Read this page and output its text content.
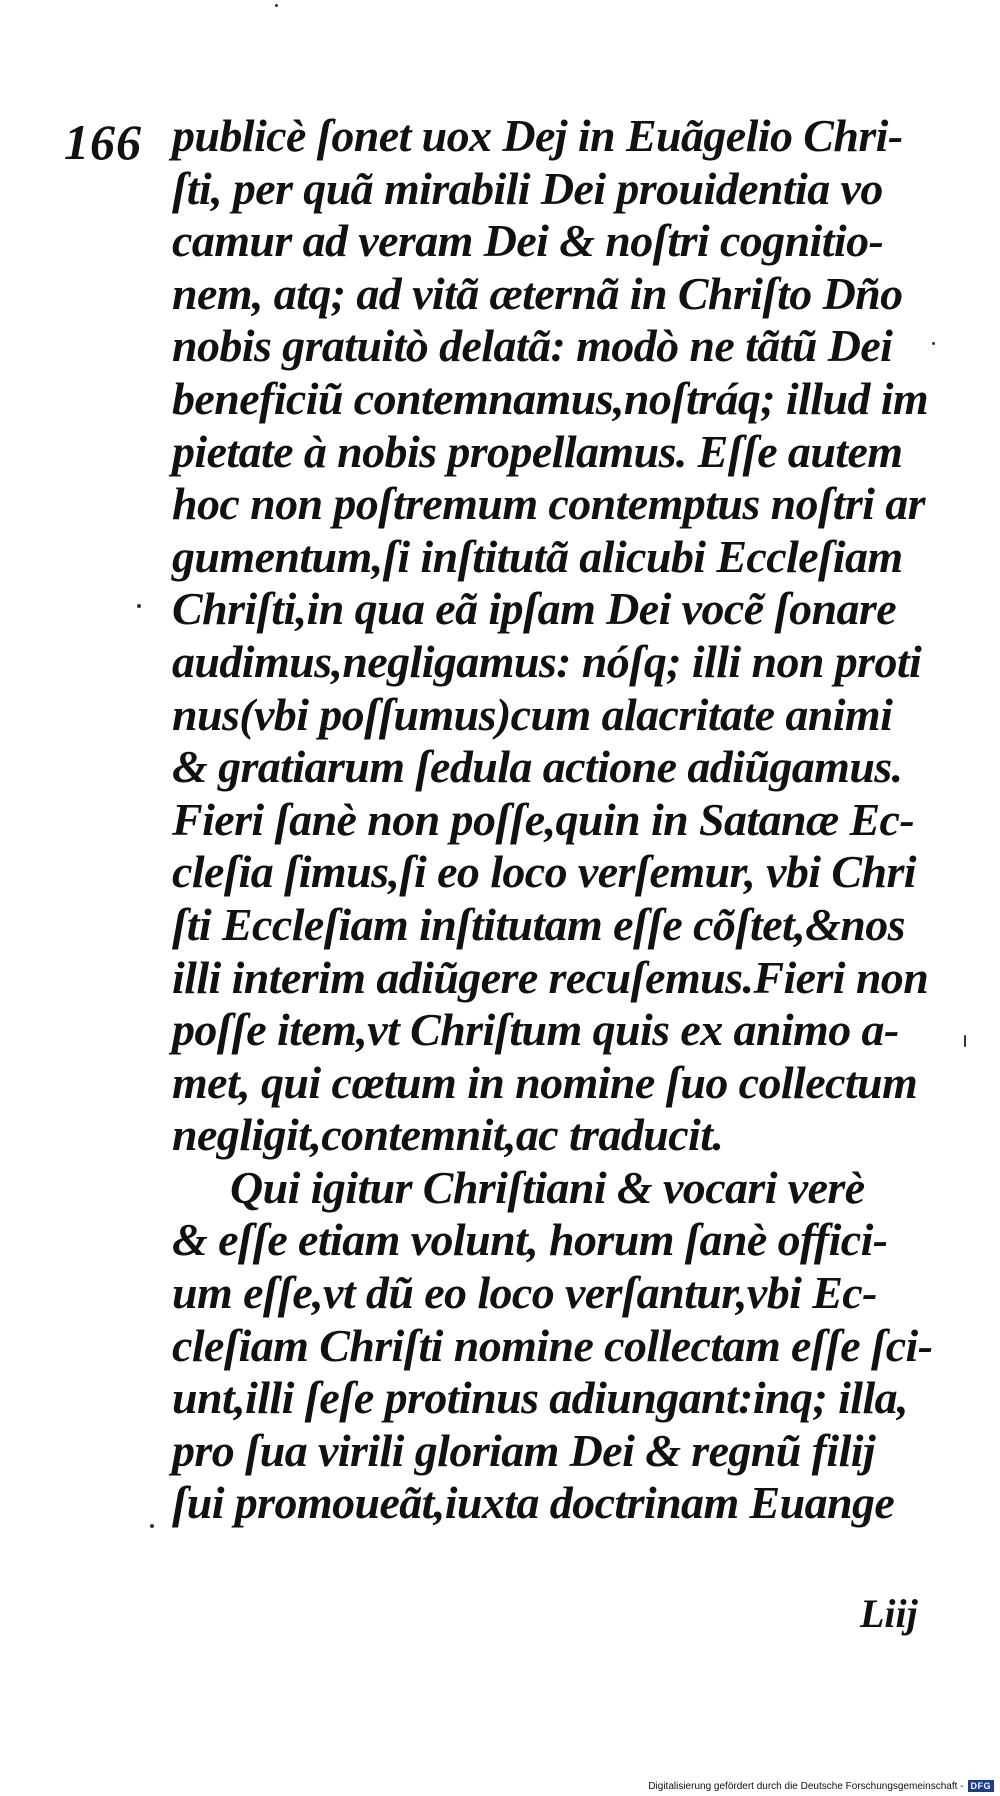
166 publicè ſonet uox Dej in Euãgelio Chri-
ſti, per quã mirabili Dei prouidentia vo
camur ad veram Dei & noſtri cognitio-
nem, atq; ad vitã æternã in Chriſto Dño
nobis gratuitò delatã: modò ne tãtũ Dei
beneficiũ contemnamus,noſtráq; illud im
pietate à nobis propellamus. Eſſe autem
hoc non poſtremum contemptus noſtri ar
gumentum,ſi inſtitutã alicubi Eccleſiam
Chriſti,in qua eã ipſam Dei vocẽ ſonare
audimus,negligamus: nóſq; illi non proti
nus(vbi poſſumus)cum alacritate animi
& gratiarum ſedula actione adiũgamus.
Fieri ſanè non poſſe,quin in Satanæ Ec-
cleſia ſimus,ſi eo loco verſemur, vbi Chri
ſti Eccleſiam inſtitutam eſſe cõſtet,&nos
illi interim adiũgere recuſemus.Fieri non
poſſe item,vt Chriſtum quis ex animo a-
met, qui cœtum in nomine ſuo collectum
negligit,contemnit,ac traducit.
Qui igitur Chriſtiani & vocari verè
& eſſe etiam volunt, horum ſanè offici-
um eſſe,vt dũ eo loco verſantur,vbi Ec-
cleſiam Chriſti nomine collectam eſſe ſci-
unt,illi ſeſe protinus adiungant:inq; illa,
pro ſua virili gloriam Dei & regnũ filij
ſui promoueãt,iuxta doctrinam Euange
Liij
Digitalisierung gefördert durch die Deutsche Forschungsgemeinschaft - DFG
